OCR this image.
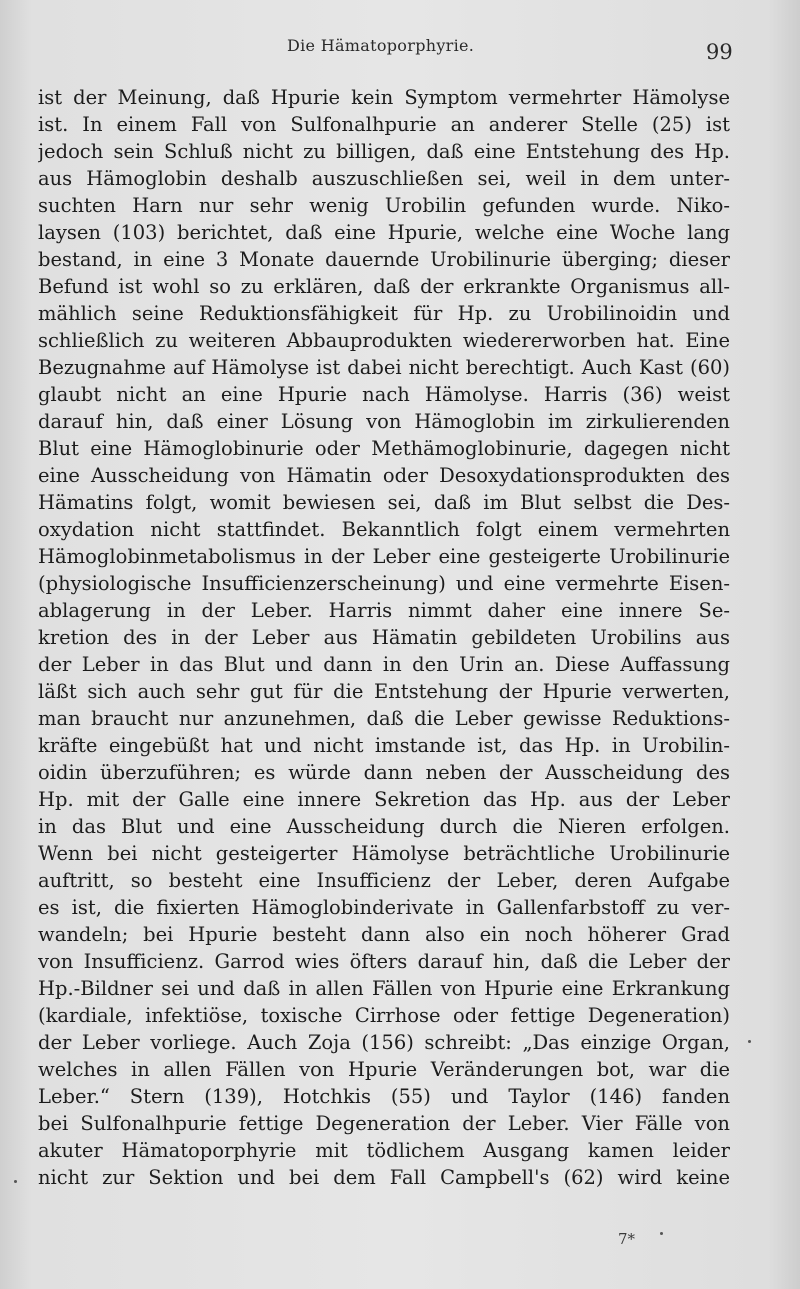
Die Hämatoporphyrie.	99
ist der Meinung, daß Hpurie kein Symptom vermehrter Hämolyse
ist. In einem Fall von Sulfonalhpurie an anderer Stelle (25) ist
jedoch sein Schluß nicht zu billigen, daß eine Entstehung des Hp.
aus Hämoglobin deshalb auszuschließen sei, weil in dem unter-
suchten Harn nur sehr wenig Urobilin gefunden wurde. Niko-
laysen (103) berichtet, daß eine Hpurie, welche eine Woche lang
bestand, in eine 3 Monate dauernde Urobilinurie überging; dieser
Befund ist wohl so zu erklären, daß der erkrankte Organismus all-
mählich seine Reduktionsfähigkeit für Hp. zu Urobilinoidin und
schließlich zu weiteren Abbauprodukten wiedererworben hat. Eine
Bezugnahme auf Hämolyse ist dabei nicht berechtigt. Auch Kast (60)
glaubt nicht an eine Hpurie nach Hämolyse. Harris (36) weist
darauf hin, daß einer Lösung von Hämoglobin im zirkulierenden
Blut eine Hämoglobinurie oder Methämoglobinurie, dagegen nicht
eine Ausscheidung von Hämatin oder Desoxydationsprodukten des
Hämatins folgt, womit bewiesen sei, daß im Blut selbst die Des-
oxydation nicht stattfindet. Bekanntlich folgt einem vermehrten
Hämoglobinmetabolismus in der Leber eine gesteigerte Urobilinurie
(physiologische Insufficienzerscheinung) und eine vermehrte Eisen-
ablagerung in der Leber. Harris nimmt daher eine innere Se-
kretion des in der Leber aus Hämatin gebildeten Urobilins aus
der Leber in das Blut und dann in den Urin an. Diese Auffassung
läßt sich auch sehr gut für die Entstehung der Hpurie verwerten,
man braucht nur anzunehmen, daß die Leber gewisse Reduktions-
kräfte eingebüßt hat und nicht imstande ist, das Hp. in Urobilin-
oidin überzuführen; es würde dann neben der Ausscheidung des
Hp. mit der Galle eine innere Sekretion das Hp. aus der Leber
in das Blut und eine Ausscheidung durch die Nieren erfolgen.
Wenn bei nicht gesteigerter Hämolyse beträchtliche Urobilinurie
auftritt, so besteht eine Insufficienz der Leber, deren Aufgabe
es ist, die fixierten Hämoglobinderivate in Gallenfarbstoff zu ver-
wandeln; bei Hpurie besteht dann also ein noch höherer Grad
von Insufficienz. Garrod wies öfters darauf hin, daß die Leber der
Hp.-Bildner sei und daß in allen Fällen von Hpurie eine Erkrankung
(kardiale, infektiöse, toxische Cirrhose oder fettige Degeneration)
der Leber vorliege. Auch Zoja (156) schreibt: „Das einzige Organ,
welches in allen Fällen von Hpurie Veränderungen bot, war die
Leber.“ Stern (139), Hotchkis (55) und Taylor (146) fanden
bei Sulfonalhpurie fettige Degeneration der Leber. Vier Fälle von
akuter Hämatoporphyrie mit tödlichem Ausgang kamen leider
nicht zur Sektion und bei dem Fall Campbell's (62) wird keine
7*
